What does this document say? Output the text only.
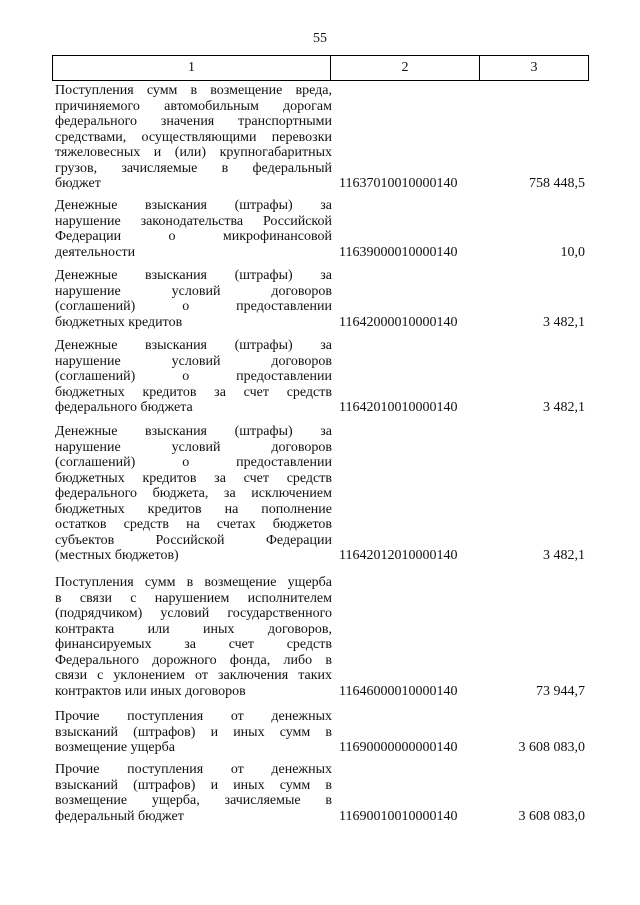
55
1	2	3
Поступления сумм в возмещение вреда,
причиняемого автомобильным дорогам
федерального значения транспортными
средствами, осуществляющими перевозки
тяжеловесных и (или) крупногабаритных
грузов, зачисляемые в федеральный
бюджет	11637010010000140	758 448,5
Денежные взыскания (штрафы) за
нарушение законодательства Российской
Федерации о микрофинансовой
деятельности	11639000010000140	10,0
Денежные взыскания (штрафы) за
нарушение условий договоров
(соглашений) о предоставлении
бюджетных кредитов	11642000010000140	3 482,1
Денежные взыскания (штрафы) за
нарушение условий договоров
(соглашений) о предоставлении
бюджетных кредитов за счет средств
федерального бюджета	11642010010000140	3 482,1
Денежные взыскания (штрафы) за
нарушение условий договоров
(соглашений) о предоставлении
бюджетных кредитов за счет средств
федерального бюджета, за исключением
бюджетных кредитов на пополнение
остатков средств на счетах бюджетов
субъектов Российской Федерации
(местных бюджетов)	11642012010000140	3 482,1
Поступления сумм в возмещение ущерба
в связи с нарушением исполнителем
(подрядчиком) условий государственного
контракта или иных договоров,
финансируемых за счет средств
Федерального дорожного фонда, либо в
связи с уклонением от заключения таких
контрактов или иных договоров	11646000010000140	73 944,7
Прочие поступления от денежных
взысканий (штрафов) и иных сумм в
возмещение ущерба	11690000000000140	3 608 083,0
Прочие поступления от денежных
взысканий (штрафов) и иных сумм в
возмещение ущерба, зачисляемые в
федеральный бюджет	11690010010000140	3 608 083,0
